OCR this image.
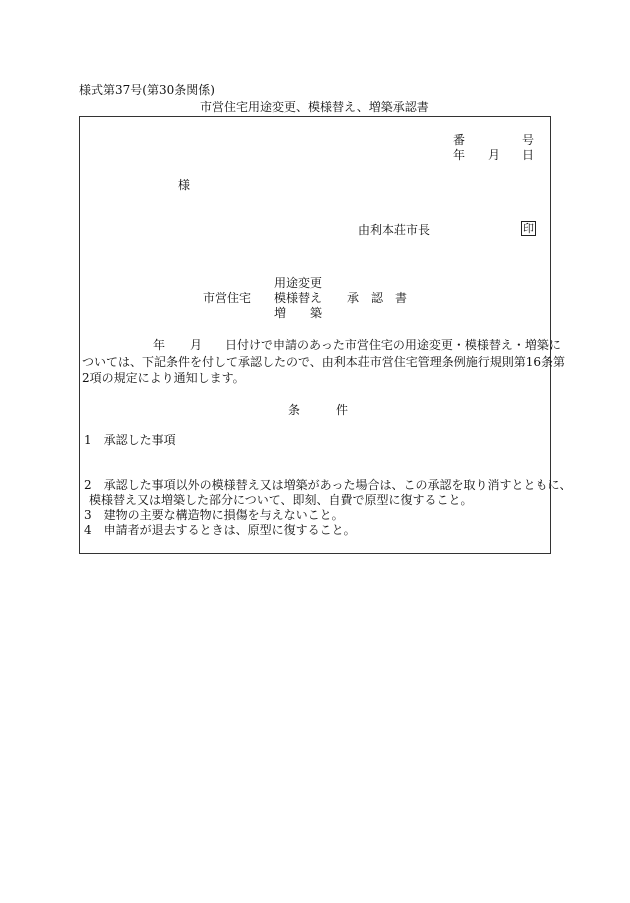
様式第37号(第30条関係)
市営住宅用途変更、模様替え、増築承認書
番	号
年 月 日
様
由利本荘市長	印
用途変更
市営住宅 模様替え 承　認　書
増　　築
年 月 日付けで申請のあった市営住宅の用途変更・模様替え・増築に
ついては、下記条件を付して承認したので、由利本荘市営住宅管理条例施行規則第16条第
2項の規定により通知します。
条　　　件
1　承認した事項
2　承認した事項以外の模様替え又は増築があった場合は、この承認を取り消すとともに、
模様替え又は増築した部分について、即刻、自費で原型に復すること。
3　建物の主要な構造物に損傷を与えないこと。
4　申請者が退去するときは、原型に復すること。
